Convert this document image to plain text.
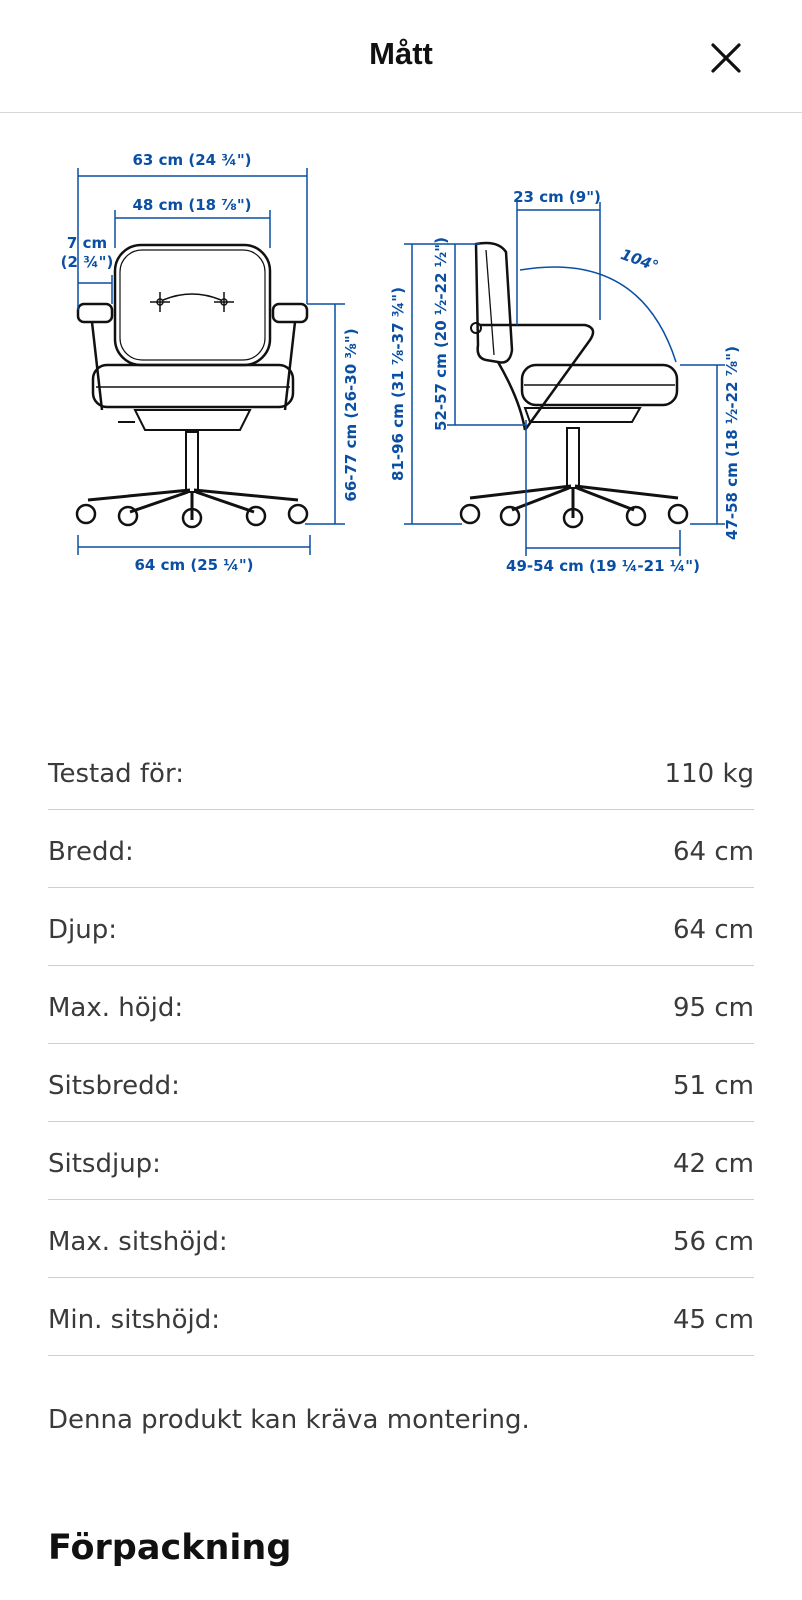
Mått
63 cm (24 ¾")
48 cm (18 ⅞")
7 cm
(2 ¾")
66-77 cm (26-30 ⅜")
64 cm (25 ¼")
23 cm (9")
104°
81-96 cm (31 ⅞-37 ¾") 52-57 cm (20 ½-22 ½")
47-58 cm (18 ½-22 ⅞")
49-54 cm (19 ¼-21 ¼")
Testad för:	110 kg
Bredd:	64 cm
Djup:	64 cm
Max. höjd:	95 cm
Sitsbredd:	51 cm
Sitsdjup:	42 cm
Max. sitshöjd:	56 cm
Min. sitshöjd:	45 cm
Denna produkt kan kräva montering.
Förpackning
